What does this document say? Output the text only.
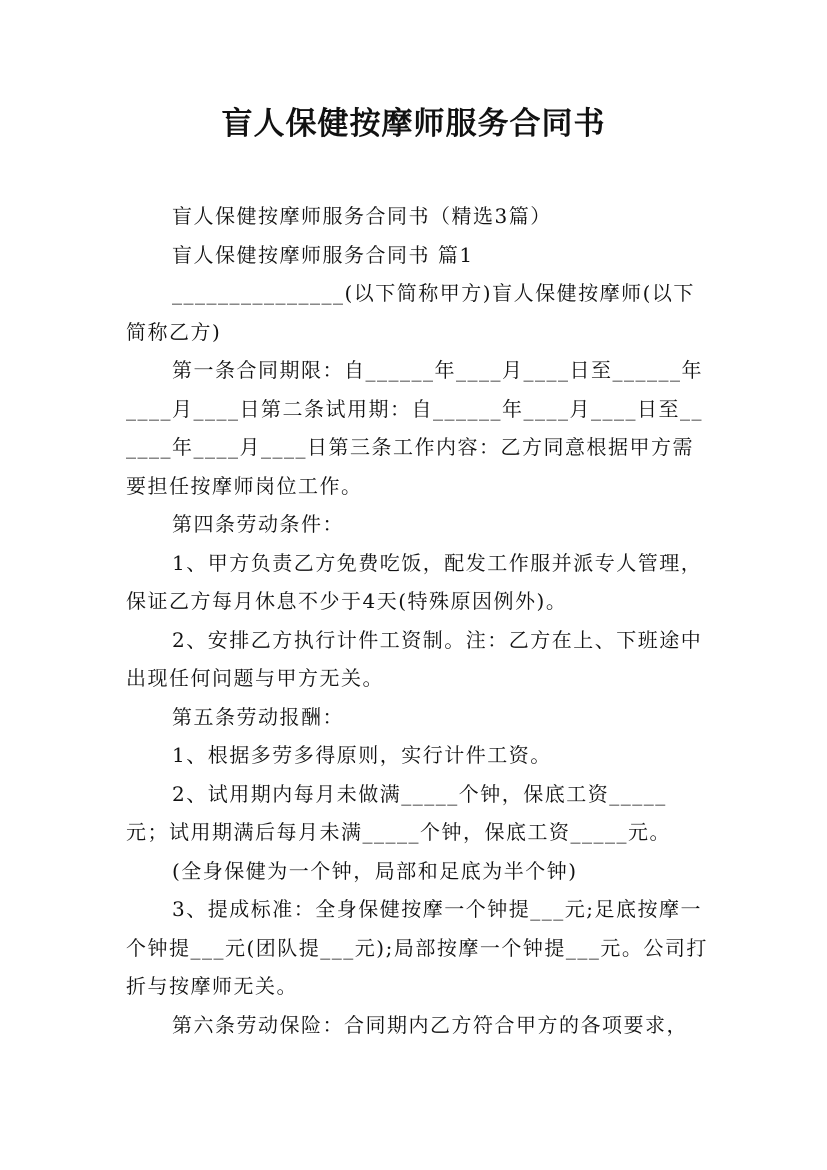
盲人保健按摩师服务合同书

盲人保健按摩师服务合同书（精选3篇）

盲人保健按摩师服务合同书 篇1

_______________(以下简称甲方)盲人保健按摩师(以下简称乙方)

第一条合同期限：自______年____月____日至______年____月____日第二条试用期：自______年____月____日至______年____月____日第三条工作内容：乙方同意根据甲方需要担任按摩师岗位工作。

第四条劳动条件：

1、甲方负责乙方免费吃饭，配发工作服并派专人管理，保证乙方每月休息不少于4天(特殊原因例外)。

2、安排乙方执行计件工资制。注：乙方在上、下班途中出现任何问题与甲方无关。

第五条劳动报酬：

1、根据多劳多得原则，实行计件工资。

2、试用期内每月未做满_____个钟，保底工资_____元；试用期满后每月未满_____个钟，保底工资_____元。

(全身保健为一个钟，局部和足底为半个钟)

3、提成标准：全身保健按摩一个钟提___元;足底按摩一个钟提___元(团队提___元);局部按摩一个钟提___元。公司打折与按摩师无关。

第六条劳动保险：合同期内乙方符合甲方的各项要求，
